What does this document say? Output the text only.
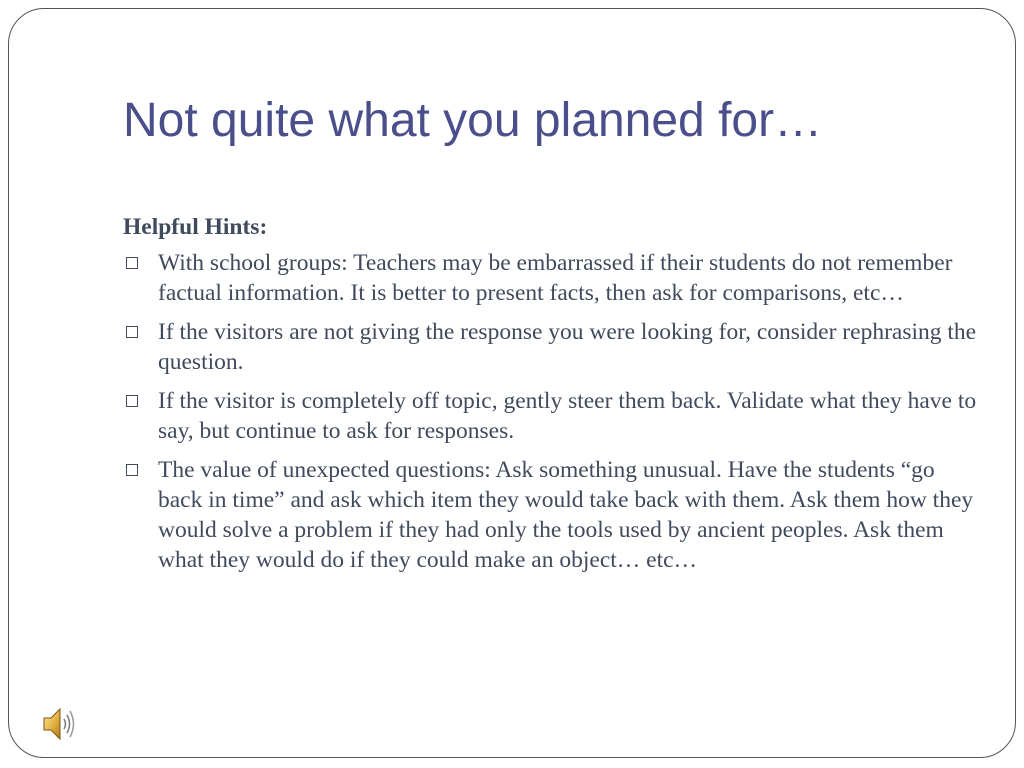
Not quite what you planned for…
Helpful Hints:
With school groups: Teachers may be embarrassed if their students do not remember factual information. It is better to present facts, then ask for comparisons, etc…
If the visitors are not giving the response you were looking for, consider rephrasing the question.
If the visitor is completely off topic, gently steer them back. Validate what they have to say, but continue to ask for responses.
The value of unexpected questions: Ask something unusual. Have the students “go back in time” and ask which item they would take back with them. Ask them how they would solve a problem if they had only the tools used by ancient peoples. Ask them what they would do if they could make an object… etc…
